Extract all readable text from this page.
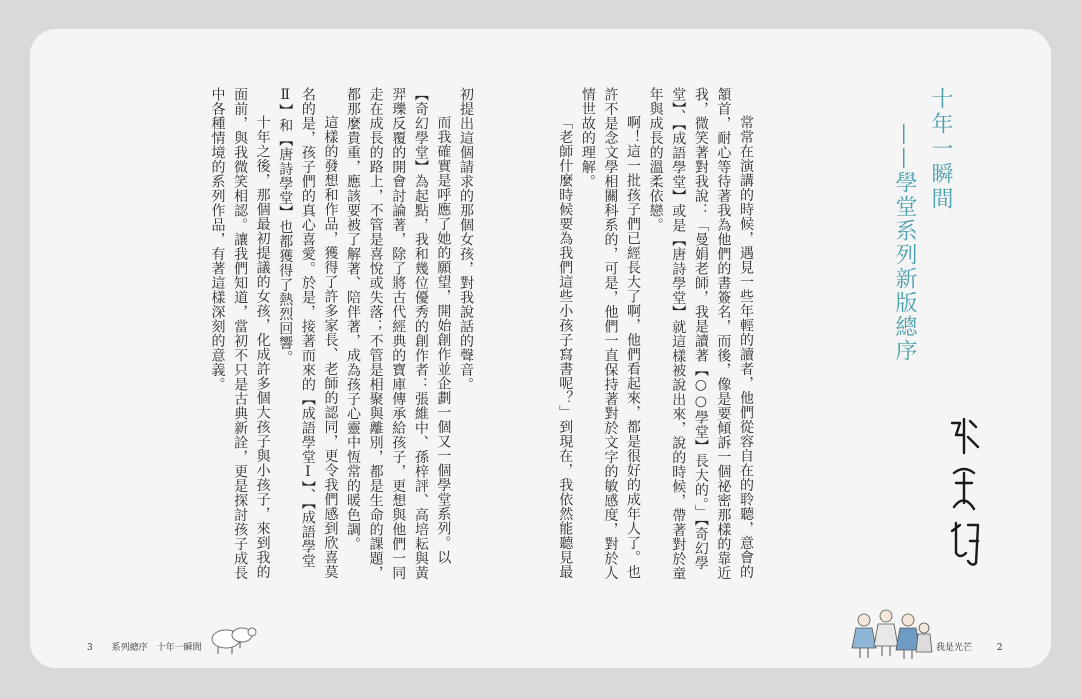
初提出這個請求的那個女孩，對我說話的聲音。

而我確實是呼應了她的願望，開始創作並企劃一個又一個學堂系列。以【奇幻學堂】為起點，我和幾位優秀的創作者：張維中、孫梓評、高培耘與黃羿瓅反覆的開會討論著，除了將古代經典的寶庫傳承給孩子，更想與他們一同走在成長的路上，不管是喜悅或失落；不管是相聚與離別，都是生命的課題，都那麼貴重，應該要被了解著、陪伴著，成為孩子心靈中恆常的暖色調。

這樣的發想和作品，獲得了許多家長、老師的認同，更令我們感到欣喜莫名的是，孩子們的真心喜愛。於是，接著而來的【成語學堂Ⅰ】、【成語學堂Ⅱ】和【唐詩學堂】也都獲得了熱烈回響。

十年之後，那個最初提議的女孩，化成許多個大孩子與小孩子，來到我的面前，與我微笑相認。讓我們知道，當初不只是古典新詮，更是探討孩子成長中各種情境的系列作品，有著這樣深刻的意義。	常常在演講的時候，遇見一些年輕的讀者，他們從容自在的聆聽，意會的頷首，耐心等待著我為他們的書簽名，而後，像是要傾訴一個祕密那樣的靠近我，微笑著對我說：「曼娟老師，我是讀著【○○學堂】長大的。」【奇幻學堂】、【成語學堂】或是【唐詩學堂】就這樣被說出來，說的時候，帶著對於童年與成長的溫柔依戀。

啊！這一批孩子們已經長大了啊，他們看起來，都是很好的成年人了。也許不是念文學相關科系的，可是，他們一直保持著對於文字的敏感度，對於人情世故的理解。

「老師什麼時候要為我們這些小孩子寫書呢？」到現在，我依然能聽見最	十年一瞬間

——學堂系列新版總序

3 系列總序　十年一瞬間	我是光芒	2
